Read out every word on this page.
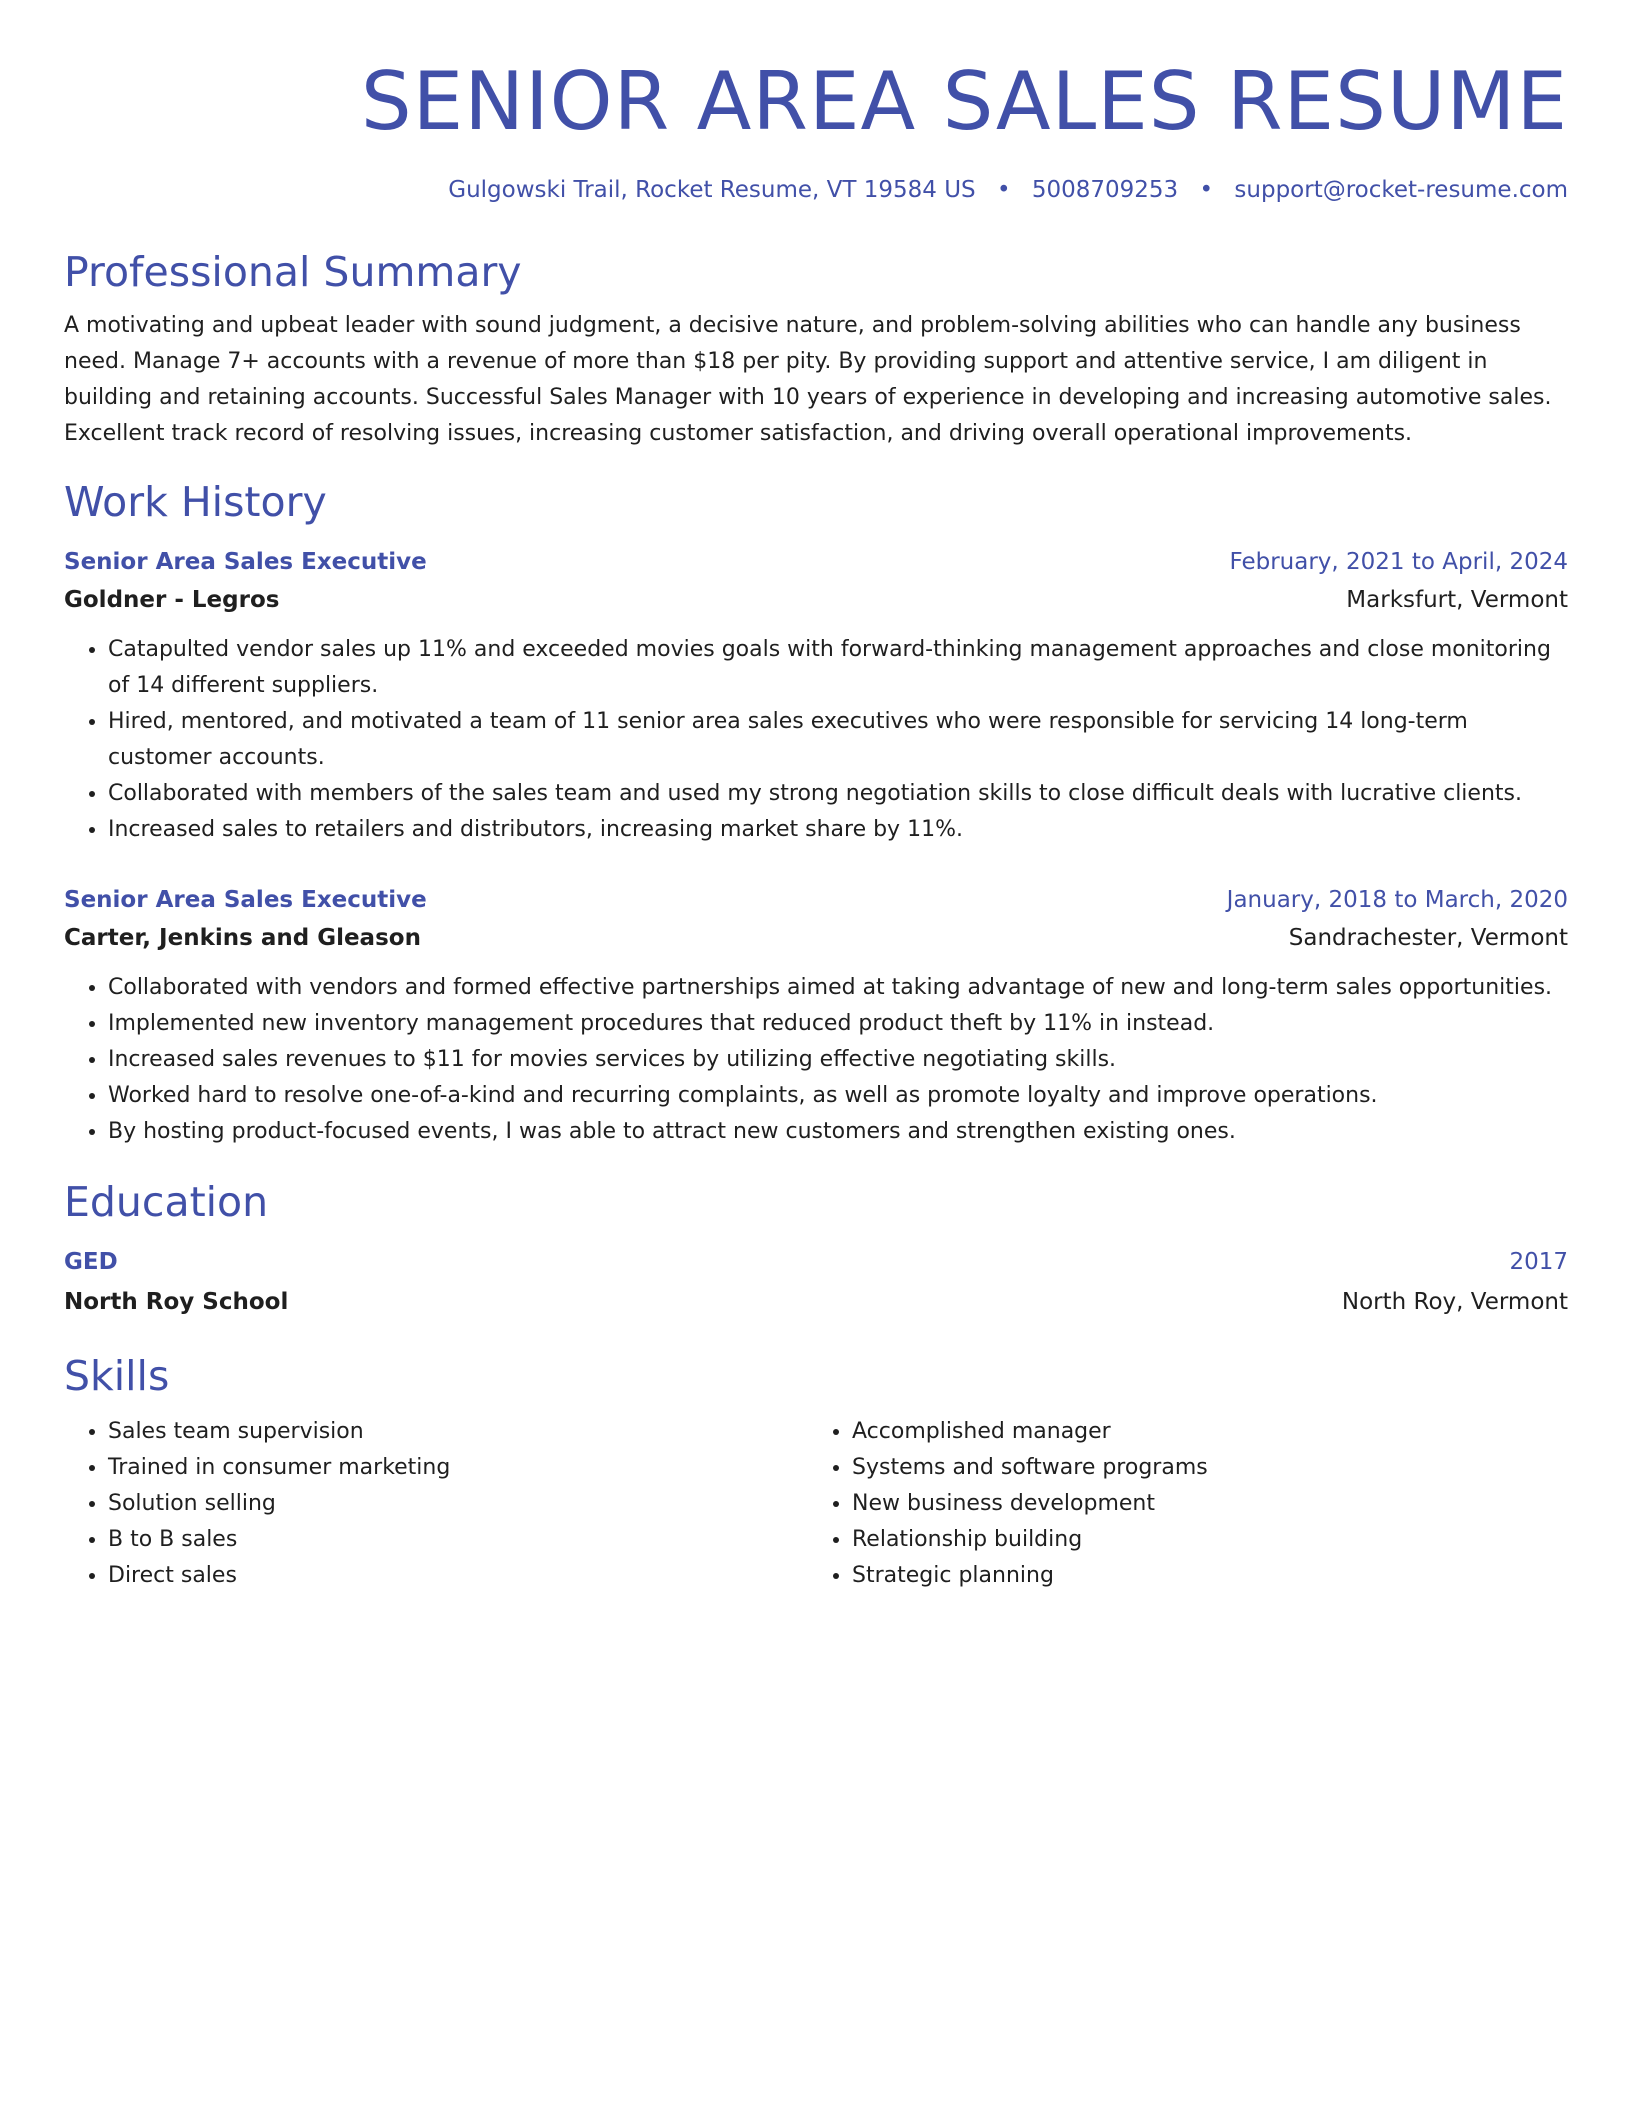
SENIOR AREA SALES RESUME
Gulgowski Trail, Rocket Resume, VT 19584 US • 5008709253 • support@rocket-resume.com
Professional Summary

A motivating and upbeat leader with sound judgment, a decisive nature, and problem-solving abilities who can handle any business need. Manage 7+ accounts with a revenue of more than $18 per pity. By providing support and attentive service, I am diligent in building and retaining accounts. Successful Sales Manager with 10 years of experience in developing and increasing automotive sales. Excellent track record of resolving issues, increasing customer satisfaction, and driving overall operational improvements.

Work History
Senior Area Sales Executive	February, 2021 to April, 2024
Goldner - Legros	Marksfurt, Vermont
• Catapulted vendor sales up 11% and exceeded movies goals with forward-thinking management approaches and close monitoring of 14 different suppliers.
• Hired, mentored, and motivated a team of 11 senior area sales executives who were responsible for servicing 14 long-term customer accounts.
• Collaborated with members of the sales team and used my strong negotiation skills to close difficult deals with lucrative clients.
• Increased sales to retailers and distributors, increasing market share by 11%.
Senior Area Sales Executive	January, 2018 to March, 2020
Carter, Jenkins and Gleason	Sandrachester, Vermont
• Collaborated with vendors and formed effective partnerships aimed at taking advantage of new and long-term sales opportunities.
• Implemented new inventory management procedures that reduced product theft by 11% in instead.
• Increased sales revenues to $11 for movies services by utilizing effective negotiating skills.
• Worked hard to resolve one-of-a-kind and recurring complaints, as well as promote loyalty and improve operations.
• By hosting product-focused events, I was able to attract new customers and strengthen existing ones.
Education
GED	2017
North Roy School	North Roy, Vermont
Skills
• Sales team supervision
• Trained in consumer marketing
• Solution selling
• B to B sales
• Direct sales
• Accomplished manager
• Systems and software programs
• New business development
• Relationship building
• Strategic planning
